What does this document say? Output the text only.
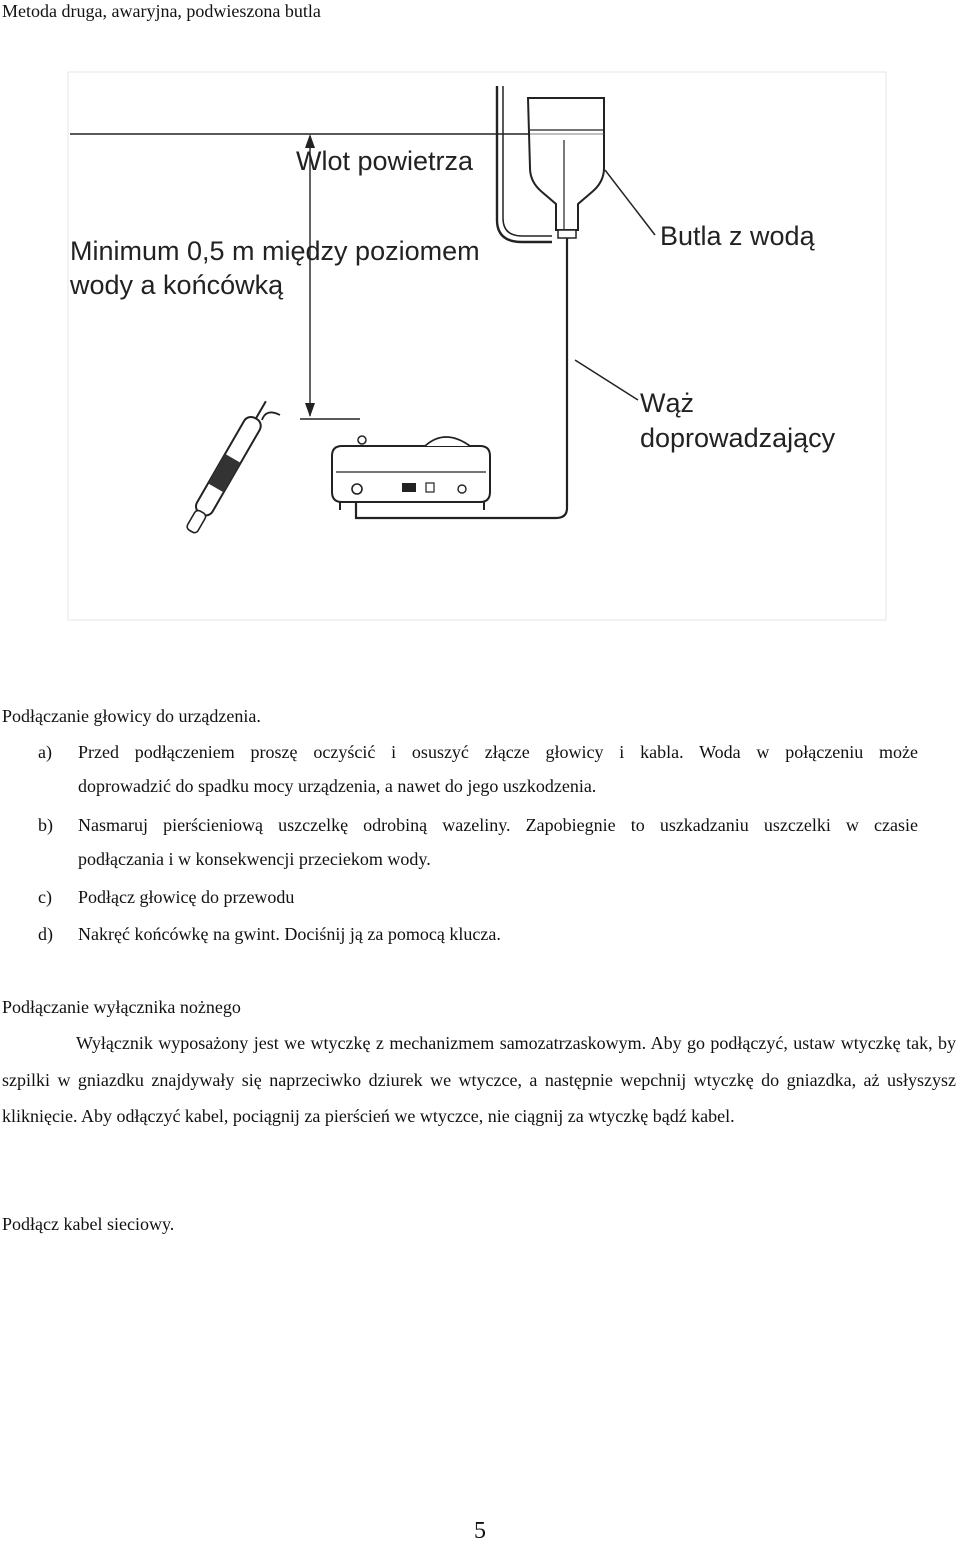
Metoda druga, awaryjna, podwieszona butla
Wlot powietrza
Minimum 0,5 m między poziomem
wody a końcówką
Butla z wodą
Wąż
doprowadzający
Podłączanie głowicy do urządzenia.
a) Przed podłączeniem proszę oczyścić i osuszyć złącze głowicy i kabla. Woda w połączeniu może
doprowadzić do spadku mocy urządzenia, a nawet do jego uszkodzenia.
b) Nasmaruj pierścieniową uszczelkę odrobiną wazeliny. Zapobiegnie to uszkadzaniu uszczelki w czasie
podłączania i w konsekwencji przeciekom wody.
c) Podłącz głowicę do przewodu
d) Nakręć końcówkę na gwint. Dociśnij ją za pomocą klucza.
Podłączanie wyłącznika nożnego
Wyłącznik wyposażony jest we wtyczkę z mechanizmem samozatrzaskowym. Aby go podłączyć, ustaw wtyczkę tak, by szpilki w gniazdku znajdywały się naprzeciwko dziurek we wtyczce, a następnie wepchnij wtyczkę do gniazdka, aż usłyszysz kliknięcie. Aby odłączyć kabel, pociągnij za pierścień we wtyczce, nie ciągnij za wtyczkę bądź kabel.
Podłącz kabel sieciowy.
5
